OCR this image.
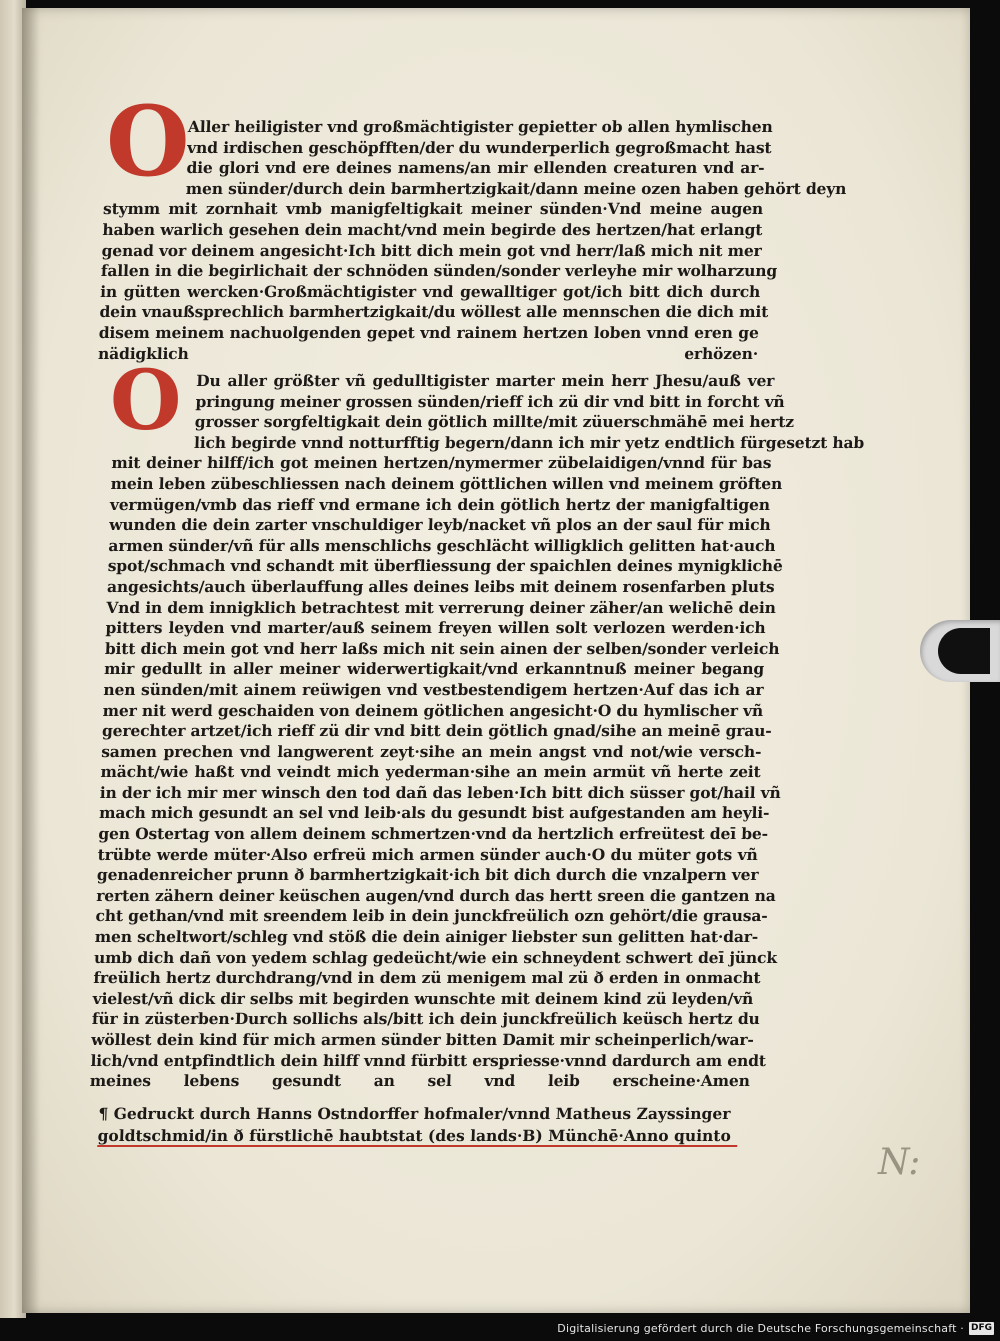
O
Aller heiligister vnd großmächtigister gepietter ob allen hymlischen
vnd irdischen geschöpfften/der du wunderperlich gegroßmacht hast
die glori vnd ere deines namens/an mir ellenden creaturen vnd ar-
men sünder/durch dein barmhertzigkait/dann meine ozen haben gehört deyn
stymm mit zornhait vmb manigfeltigkait meiner sünden·Vnd meine augen
haben warlich gesehen dein macht/vnd mein begirde des hertzen/hat erlangt
genad vor deinem angesicht·Ich bitt dich mein got vnd herr/laß mich nit mer
fallen in die begirlichait der schnöden sünden/sonder verleyhe mir wolharzung
in gütten wercken·Großmächtigister vnd gewalltiger got/ich bitt dich durch
dein vnaußsprechlich barmhertzigkait/du wöllest alle mennschen die dich mit
disem meinem nachuolgenden gepet vnd rainem hertzen loben vnnd eren ge
nädigklich erhözen·
O Du aller größter vñ gedulltigister marter mein herr Jhesu/auß ver
pringung meiner grossen sünden/rieff ich zü dir vnd bitt in forcht vñ
grosser sorgfeltigkait dein götlich millte/mit züuerschmähē mei hertz
lich begirde vnnd notturfftig begern/dann ich mir yetz endtlich fürgesetzt hab
mit deiner hilff/ich got meinen hertzen/nymermer zübelaidigen/vnnd für bas
mein leben zübeschliessen nach deinem göttlichen willen vnd meinem gröften
vermügen/vmb das rieff vnd ermane ich dein götlich hertz der manigfaltigen
wunden die dein zarter vnschuldiger leyb/nacket vñ plos an der saul für mich
armen sünder/vñ für alls menschlichs geschlächt willigklich gelitten hat·auch
spot/schmach vnd schandt mit überfliessung der spaichlen deines mynigklichē
angesichts/auch überlauffung alles deines leibs mit deinem rosenfarben pluts
Vnd in dem innigklich betrachtest mit verrerung deiner zäher/an welichē dein
pitters leyden vnd marter/auß seinem freyen willen solt verlozen werden·ich
bitt dich mein got vnd herr laßs mich nit sein ainen der selben/sonder verleich
mir gedullt in aller meiner widerwertigkait/vnd erkanntnuß meiner begang
nen sünden/mit ainem reüwigen vnd vestbestendigem hertzen·Auf das ich ar
mer nit werd geschaiden von deinem götlichen angesicht·O du hymlischer vñ
gerechter artzet/ich rieff zü dir vnd bitt dein götlich gnad/sihe an meinē grau-
samen prechen vnd langwerent zeyt·sihe an mein angst vnd not/wie versch-
mächt/wie haßt vnd veindt mich yederman·sihe an mein armüt vñ herte zeit
in der ich mir mer winsch den tod dañ das leben·Ich bitt dich süsser got/hail vñ
mach mich gesundt an sel vnd leib·als du gesundt bist aufgestanden am heyli-
gen Ostertag von allem deinem schmertzen·vnd da hertzlich erfreütest deī be-
trübte werde müter·Also erfreü mich armen sünder auch·O du müter gots vñ
genadenreicher prunn ð barmhertzigkait·ich bit dich durch die vnzalpern ver
rerten zähern deiner keüschen augen/vnd durch das hertt sreen die gantzen na
cht gethan/vnd mit sreendem leib in dein junckfreülich ozn gehört/die grausa-
men scheltwort/schleg vnd stöß die dein ainiger liebster sun gelitten hat·dar-
umb dich dañ von yedem schlag gedeücht/wie ein schneydent schwert deī jünck
freülich hertz durchdrang/vnd in dem zü menigem mal zü ð erden in onmacht
vielest/vñ dick dir selbs mit begirden wunschte mit deinem kind zü leyden/vñ
für in züsterben·Durch sollichs als/bitt ich dein junckfreülich keüsch hertz du
wöllest dein kind für mich armen sünder bitten Damit mir scheinperlich/war-
lich/vnd entpfindtlich dein hilff vnnd fürbitt erspriesse·vnnd dardurch am endt
meines lebens gesundt an sel vnd leib erscheine·Amen
¶ Gedruckt durch Hanns Ostndorffer hofmaler/vnnd Matheus Zayssinger
goldtschmid/in ð fürstlichē haubtstat (des lands·B) Münchē·Anno quinto
N:
Digitalisierung gefördert durch die Deutsche Forschungsgemeinschaft · DFG
